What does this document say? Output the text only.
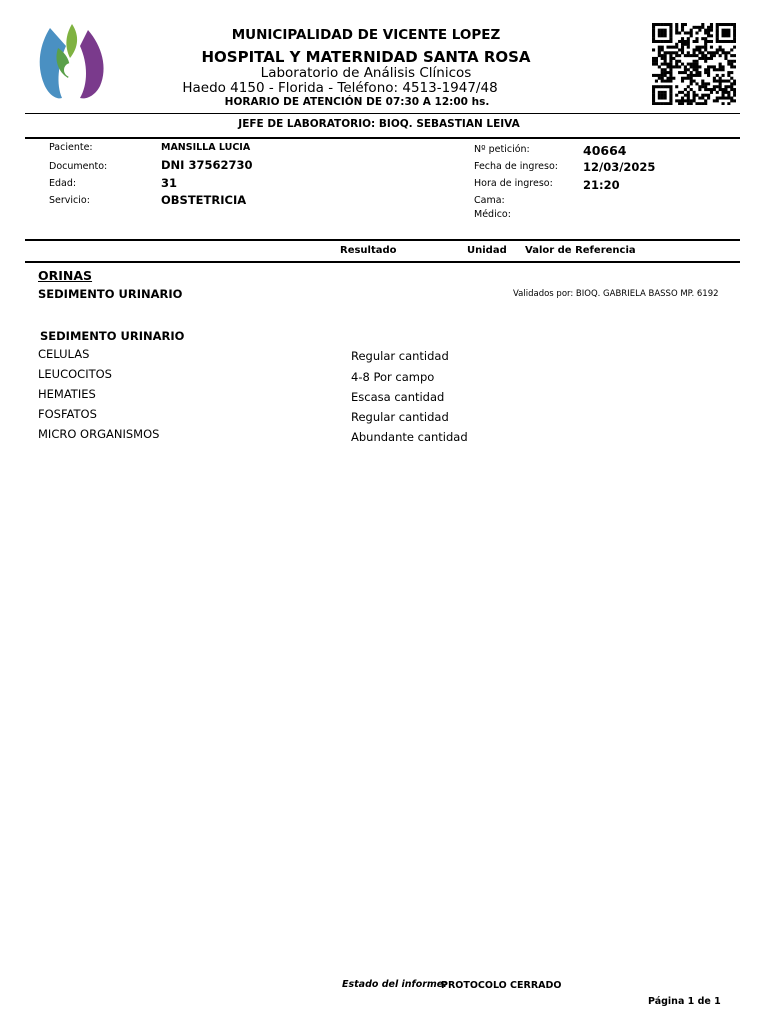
MUNICIPALIDAD DE VICENTE LOPEZ
HOSPITAL Y MATERNIDAD SANTA ROSA
Laboratorio de Análisis Clínicos
Haedo 4150 - Florida - Teléfono: 4513-1947/48
HORARIO DE ATENCIÓN DE 07:30 A 12:00 hs.
JEFE DE LABORATORIO: BIOQ. SEBASTIAN LEIVA
Paciente:	MANSILLA LUCIA
Documento:	DNI 37562730
Edad:	31
Servicio:	OBSTETRICIA
Nº petición:	40664
Fecha de ingreso: 12/03/2025
Hora de ingreso:	21:20
Cama:
Médico:
Resultado	Unidad Valor de Referencia
ORINAS
SEDIMENTO URINARIO	Validados por: BIOQ. GABRIELA BASSO MP. 6192
SEDIMENTO URINARIO
CELULAS	Regular cantidad
LEUCOCITOS	4-8 Por campo
HEMATIES	Escasa cantidad
FOSFATOS	Regular cantidad
MICRO ORGANISMOS	Abundante cantidad
Estado del informe:
PROTOCOLO CERRADO
Página 1 de 1
